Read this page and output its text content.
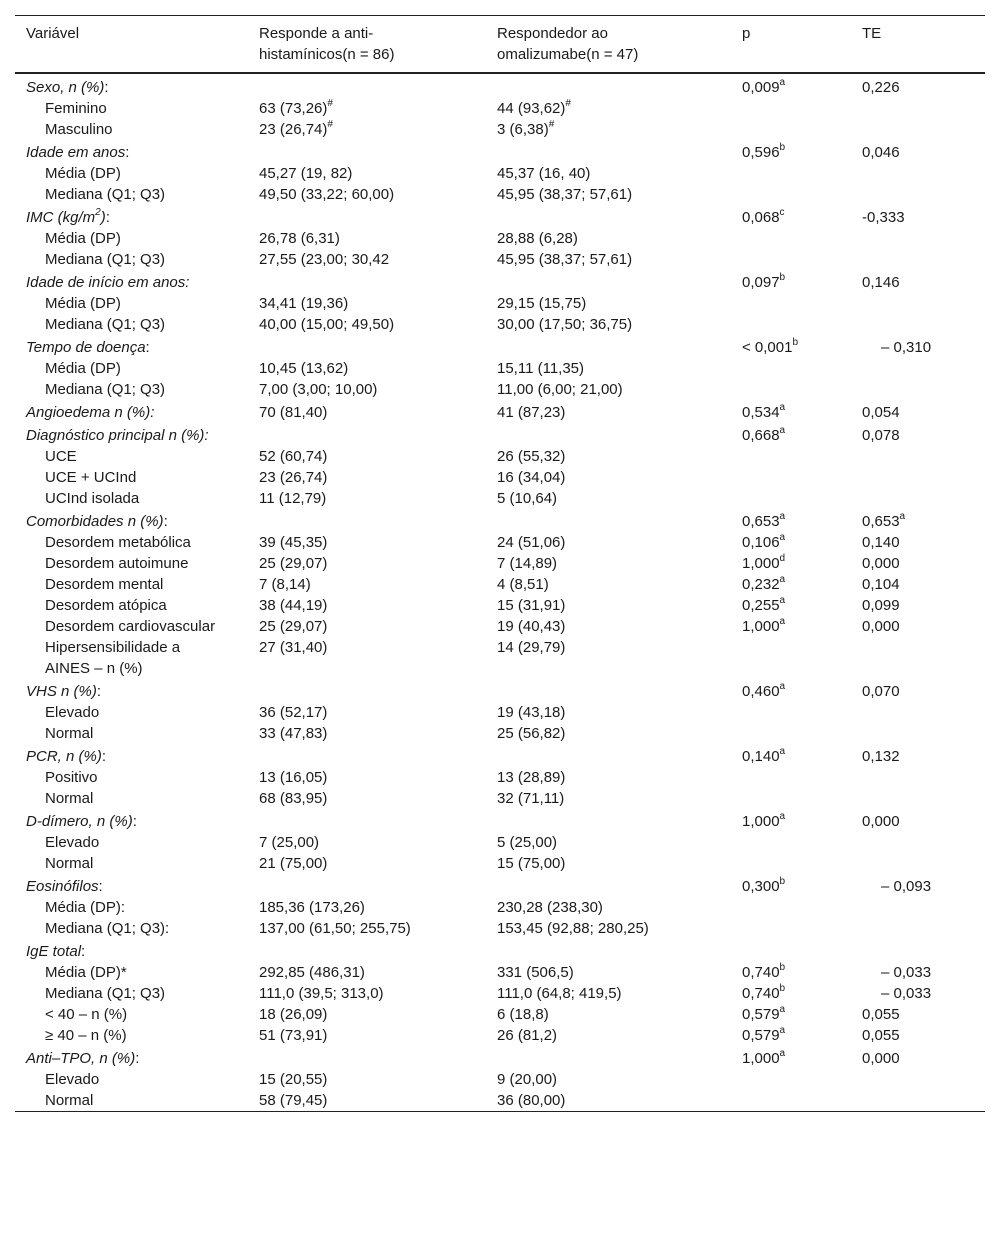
Variável	Responde a anti-
histamínicos(n = 86)	Respondedor ao
omalizumabe(n = 47)	p	TE

Sexo, n (%):			0,009$^a$	0,226
Feminino	63 (73,26)#	44 (93,62)#		
Masculino	23 (26,74)#	3 (6,38)#		
Idade em anos:			0,596$^b$	0,046
Média (DP)	45,27 (19, 82)	45,37 (16, 40)		
Mediana (Q1; Q3)	49,50 (33,22; 60,00)	45,95 (38,37; 57,61)		
IMC $(kg/m^2)$:			0,068$^c$	-0,333
Média (DP)	26,78 (6,31)	28,88 (6,28)		
Mediana (Q1; Q3)	27,55 (23,00; 30,42	45,95 (38,37; 57,61)		
Idade de início em anos:			0,097$^b$	0,146
Média (DP)	34,41 (19,36)	29,15 (15,75)		
Mediana (Q1; Q3)	40,00 (15,00; 49,50)	30,00 (17,50; 36,75)		
Tempo de doença:			< 0,001$^b$	– 0,310
Média (DP)	10,45 (13,62)	15,11 (11,35)		
Mediana (Q1; Q3)	7,00 (3,00; 10,00)	11,00 (6,00; 21,00)		
Angioedema n (%):	70 (81,40)	41 (87,23)	0,534$^a$	0,054
Diagnóstico principal n (%):			0,668$^a$	0,078
UCE	52 (60,74)	26 (55,32)		
UCE + UCInd	23 (26,74)	16 (34,04)		
UCInd isolada	11 (12,79)	5 (10,64)		
Comorbidades n (%):			0,653$^a$	0,653$^a$
Desordem metabólica	39 (45,35)	24 (51,06)	0,106$^a$	0,140
Desordem autoimune	25 (29,07)	7 (14,89)	1,000$^d$	0,000
Desordem mental	7 (8,14)	4 (8,51)	0,232$^a$	0,104
Desordem atópica	38 (44,19)	15 (31,91)	0,255$^a$	0,099
Desordem cardiovascular	25 (29,07)	19 (40,43)	1,000$^a$	0,000
Hipersensibilidade a AINES – n (%)	27 (31,40)	14 (29,79)		
VHS n (%):			0,460$^a$	0,070
Elevado	36 (52,17)	19 (43,18)		
Normal	33 (47,83)	25 (56,82)		
PCR, n (%):			0,140$^a$	0,132
Positivo	13 (16,05)	13 (28,89)		
Normal	68 (83,95)	32 (71,11)		
D-dímero, n (%):			1,000$^a$	0,000
Elevado	7 (25,00)	5 (25,00)		
Normal	21 (75,00)	15 (75,00)		
Eosinófilos:			0,300$^b$	– 0,093
Média (DP):	185,36 (173,26)	230,28 (238,30)		
Mediana (Q1; Q3):	137,00 (61,50; 255,75)	153,45 (92,88; 280,25)		
IgE total:				
Média (DP)*	292,85 (486,31)	331 (506,5)	0,740$^b$	– 0,033
Mediana (Q1; Q3)	111,0 (39,5; 313,0)	111,0 (64,8; 419,5)	0,740$^b$	– 0,033
< 40 – n (%)	18 (26,09)	6 (18,8)	0,579$^a$	0,055
≥ 40 – n (%)	51 (73,91)	26 (81,2)	0,579$^a$	0,055
Anti–TPO, n (%):			1,000$^a$	0,000
Elevado	15 (20,55)	9 (20,00)		
Normal	58 (79,45)	36 (80,00)		
